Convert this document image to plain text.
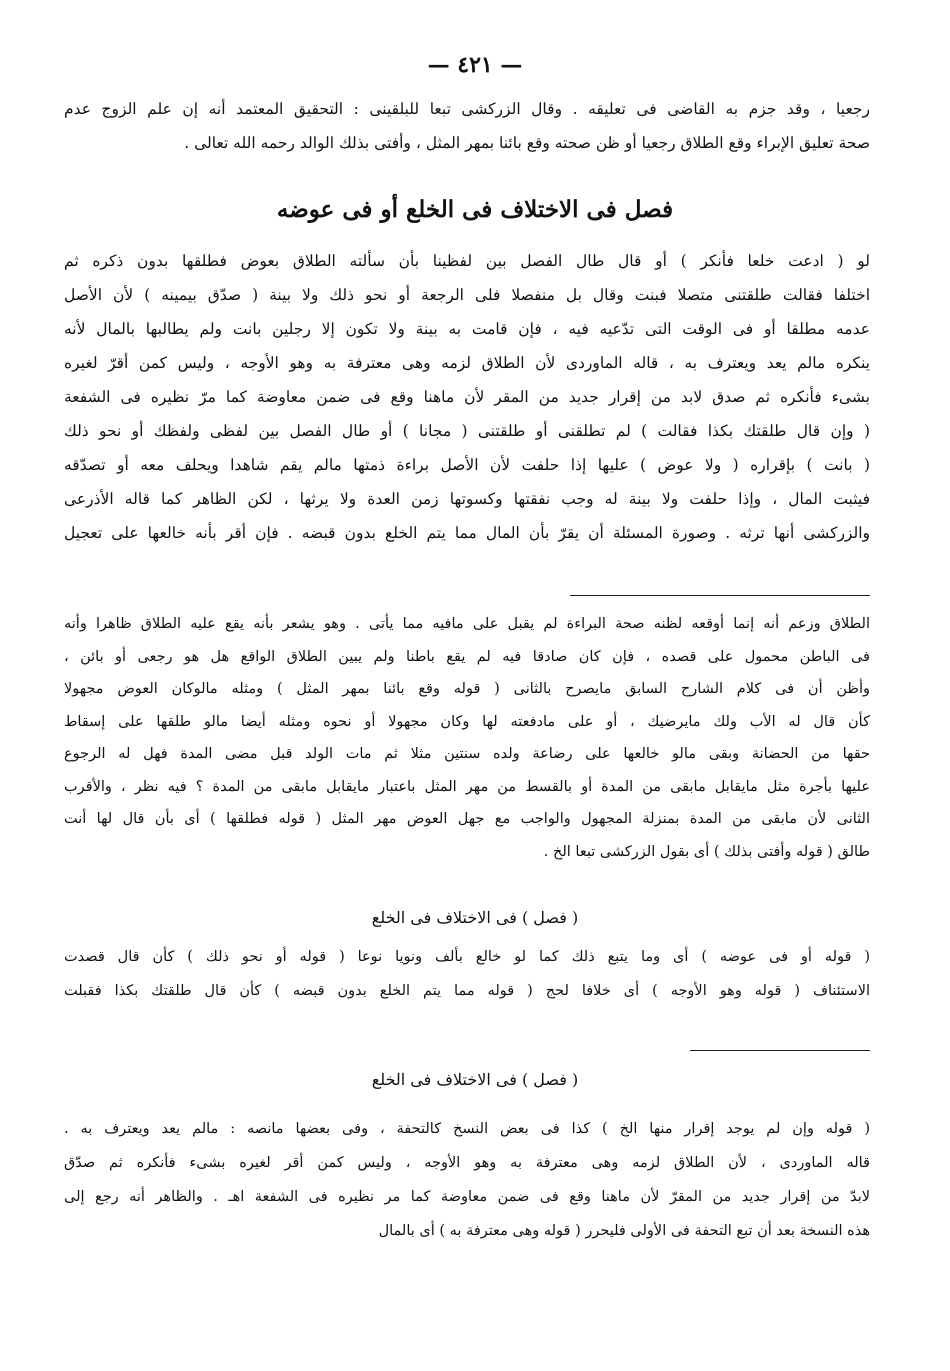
— ٤٢١ —
رجعيا ، وقد جزم به القاضى فى تعليقه . وقال الزركشى تبعا للبلقينى : التحقيق المعتمد أنه إن علم الزوج عدم
صحة تعليق الإبراء وقع الطلاق رجعيا أو ظن صحته وقع بائنا بمهر المثل ، وأفتى بذلك الوالد رحمه الله تعالى .
فصل فى الاختلاف فى الخلع أو فى عوضه
لو ( ادعت خلعا فأنكر ) أو قال طال الفصل بين لفظينا بأن سألته الطلاق بعوض فطلقها بدون ذكره ثم
اختلفا فقالت طلقتنى متصلا فبنت وقال بل منفصلا فلى الرجعة أو نحو ذلك ولا بينة ( صدّق بيمينه ) لأن الأصل
عدمه مطلقا أو فى الوقت التى تدّعيه فيه ، فإن قامت به بينة ولا تكون إلا رجلين بانت ولم يطالبها بالمال لأنه
ينكره مالم يعد ويعترف به ، قاله الماوردى لأن الطلاق لزمه وهى معترفة به وهو الأوجه ، وليس كمن أقرّ لغيره
بشىء فأنكره ثم صدق لابد من إقرار جديد من المقر لأن ماهنا وقع فى ضمن معاوضة كما مرّ نظيره فى الشفعة
( وإن قال طلقتك بكذا فقالت ) لم تطلقنى أو طلقتنى ( مجانا ) أو طال الفصل بين لفظى ولفظك أو نحو ذلك
( بانت ) بإقراره ( ولا عوض ) عليها إذا حلفت لأن الأصل براءة ذمتها مالم يقم شاهدا ويحلف معه أو تصدّقه
فيثبت المال ، وإذا حلفت ولا بينة له وجب نفقتها وكسوتها زمن العدة ولا يرثها ، لكن الظاهر كما قاله الأذرعى
والزركشى أنها ترثه . وصورة المسئلة أن يقرّ بأن المال مما يتم الخلع بدون قبضه . فإن أقر بأنه خالعها على تعجيل
الطلاق وزعم أنه إنما أوقعه لظنه صحة البراءة لم يقبل على مافيه مما يأتى . وهو يشعر بأنه يقع عليه الطلاق ظاهرا وأنه
فى الباطن محمول على قصده ، فإن كان صادقا فيه لم يقع باطنا ولم يبين الطلاق الواقع هل هو رجعى أو بائن ،
وأظن أن فى كلام الشارح السابق مايصرح بالثانى ( قوله وقع بائنا بمهر المثل ) ومثله مالوكان العوض مجهولا
كأن قال له الأب ولك مايرضيك ، أو على مادفعته لها وكان مجهولا أو نحوه ومثله أيضا مالو طلقها على إسقاط
حقها من الحضانة وبقى مالو خالعها على رضاعة ولده سنتين مثلا ثم مات الولد قبل مضى المدة فهل له الرجوع
عليها بأجرة مثل مايقابل مابقى من المدة أو بالقسط من مهر المثل باعتبار مايقابل مابقى من المدة ؟ فيه نظر ، والأقرب
الثانى لأن مابقى من المدة بمنزلة المجهول والواجب مع جهل العوض مهر المثل ( قوله فطلقها ) أى بأن قال لها أنت
طالق ( قوله وأفتى بذلك ) أى بقول الزركشى تبعا الخ .
( فصل ) فى الاختلاف فى الخلع
( قوله أو فى عوضه ) أى وما يتبع ذلك كما لو خالع بألف ونويا نوعا ( قوله أو نحو ذلك ) كأن قال قصدت
الاستئناف ( قوله وهو الأوجه ) أى خلافا لحج ( قوله مما يتم الخلع بدون قبضه ) كأن قال طلقتك بكذا فقبلت
( فصل ) فى الاختلاف فى الخلع
( قوله وإن لم يوجد إقرار منها الخ ) كذا فى بعض النسخ كالتحفة ، وفى بعضها مانصه : مالم يعد ويعترف به .
قاله الماوردى ، لأن الطلاق لزمه وهى معترفة به وهو الأوجه ، وليس كمن أقر لغيره بشىء فأنكره ثم صدّق
لابدّ من إقرار جديد من المقرّ لأن ماهنا وقع فى ضمن معاوضة كما مر نظيره فى الشفعة اهـ . والظاهر أنه رجع إلى
هذه النسخة بعد أن تبع التحفة فى الأولى فليحرر ( قوله وهى معترفة به ) أى بالمال
